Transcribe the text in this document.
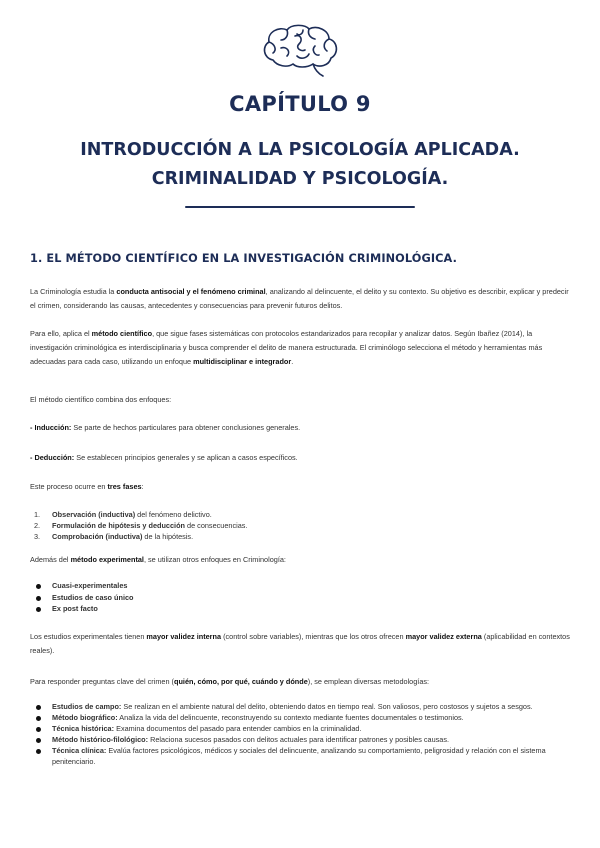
CAPÍTULO 9
INTRODUCCIÓN A LA PSICOLOGÍA APLICADA.
CRIMINALIDAD Y PSICOLOGÍA.
1. EL MÉTODO CIENTÍFICO EN LA INVESTIGACIÓN CRIMINOLÓGICA.

La Criminología estudia la conducta antisocial y el fenómeno criminal, analizando al delincuente, el delito y su contexto. Su objetivo es describir, explicar y predecir el crimen, considerando las causas, antecedentes y consecuencias para prevenir futuros delitos.

Para ello, aplica el método científico, que sigue fases sistemáticas con protocolos estandarizados para recopilar y analizar datos. Según Ibañez (2014), la investigación criminológica es interdisciplinaria y busca comprender el delito de manera estructurada. El criminólogo selecciona el método y herramientas más adecuadas para cada caso, utilizando un enfoque multidisciplinar e integrador.

El método científico combina dos enfoques:

- Inducción: Se parte de hechos particulares para obtener conclusiones generales.

- Deducción: Se establecen principios generales y se aplican a casos específicos.

Este proceso ocurre en tres fases:

1. Observación (inductiva) del fenómeno delictivo.
2. Formulación de hipótesis y deducción de consecuencias.
3. Comprobación (inductiva) de la hipótesis.

Además del método experimental, se utilizan otros enfoques en Criminología:

Cuasi-experimentales
Estudios de caso único
Ex post facto

Los estudios experimentales tienen mayor validez interna (control sobre variables), mientras que los otros ofrecen mayor validez externa (aplicabilidad en contextos reales).

Para responder preguntas clave del crimen (quién, cómo, por qué, cuándo y dónde), se emplean diversas metodologías:

Estudios de campo: Se realizan en el ambiente natural del delito, obteniendo datos en tiempo real. Son valiosos, pero costosos y sujetos a sesgos.
Método biográfico: Analiza la vida del delincuente, reconstruyendo su contexto mediante fuentes documentales o testimonios.
Técnica histórica: Examina documentos del pasado para entender cambios en la criminalidad.
Método histórico-filológico: Relaciona sucesos pasados con delitos actuales para identificar patrones y posibles causas.
Técnica clínica: Evalúa factores psicológicos, médicos y sociales del delincuente, analizando su comportamiento, peligrosidad y relación con el sistema penitenciario.
